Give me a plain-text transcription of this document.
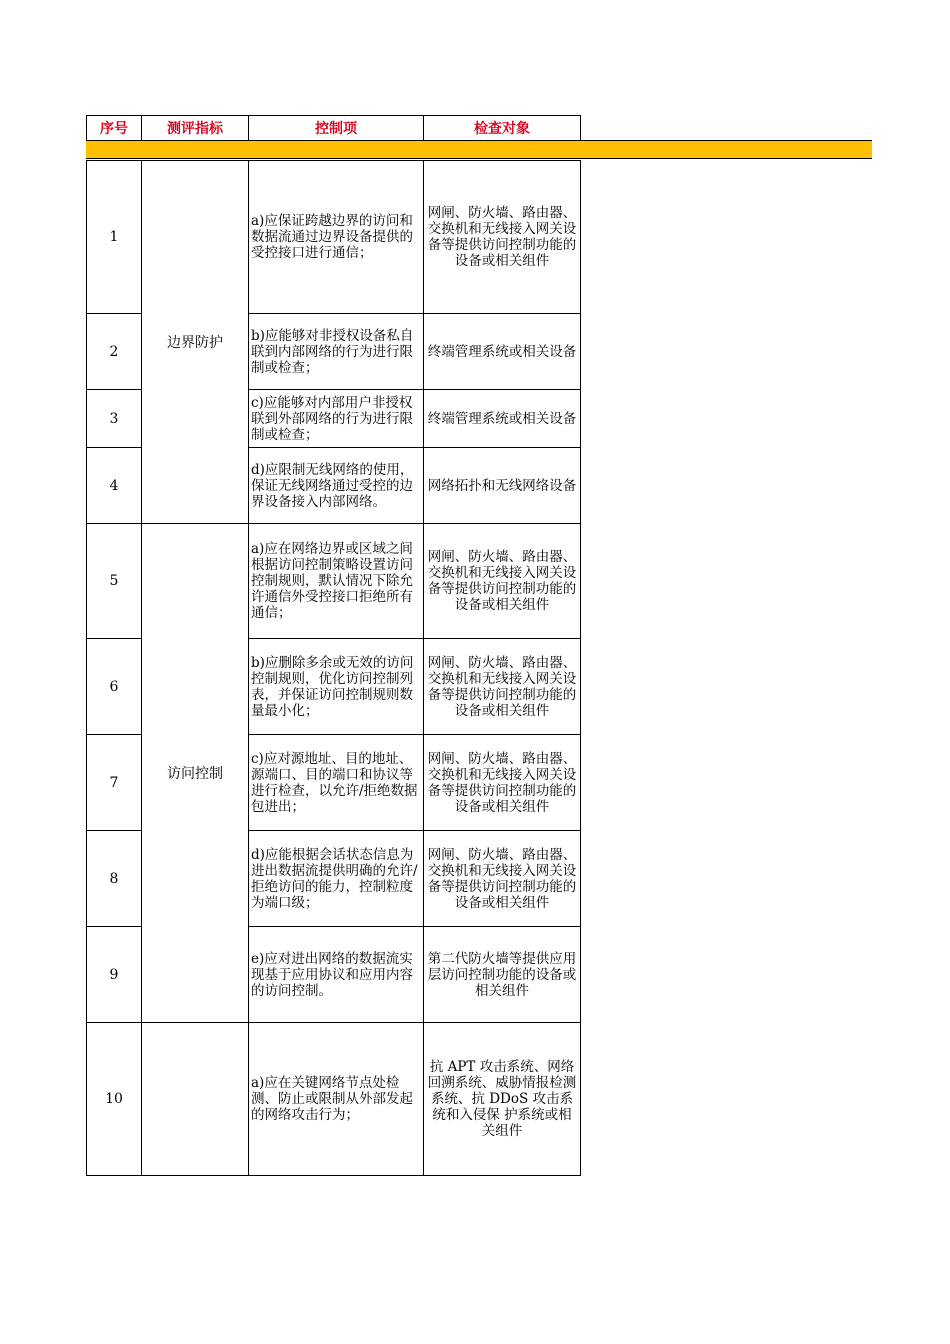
序号	测评指标	控制项	检查对象

1	边界防护	a)应保证跨越边界的访问和数据流通过边界设备提供的受控接口进行通信；	网闸、防火墙、路由器、交换机和无线接入网关设备等提供访问控制功能的设备或相关组件
2		b)应能够对非授权设备私自联到内部网络的行为进行限制或检查；	终端管理系统或相关设备
3		c)应能够对内部用户非授权联到外部网络的行为进行限制或检查；	终端管理系统或相关设备
4		d)应限制无线网络的使用，保证无线网络通过受控的边界设备接入内部网络。	网络拓扑和无线网络设备
5	访问控制	a)应在网络边界或区域之间根据访问控制策略设置访问控制规则，默认情况下除允许通信外受控接口拒绝所有通信；	网闸、防火墙、路由器、交换机和无线接入网关设备等提供访问控制功能的设备或相关组件
6		b)应删除多余或无效的访问控制规则，优化访问控制列表，并保证访问控制规则数量最小化；	网闸、防火墙、路由器、交换机和无线接入网关设备等提供访问控制功能的设备或相关组件
7		c)应对源地址、目的地址、源端口、目的端口和协议等进行检查，以允许/拒绝数据包进出；	网闸、防火墙、路由器、交换机和无线接入网关设备等提供访问控制功能的设备或相关组件
8		d)应能根据会话状态信息为进出数据流提供明确的允许/拒绝访问的能力，控制粒度为端口级；	网闸、防火墙、路由器、交换机和无线接入网关设备等提供访问控制功能的设备或相关组件
9		e)应对进出网络的数据流实现基于应用协议和应用内容的访问控制。	第二代防火墙等提供应用层访问控制功能的设备或相关组件
10		a)应在关键网络节点处检测、防止或限制从外部发起的网络攻击行为；	抗 APT 攻击系统、网络回溯系统、威胁情报检测系统、抗 DDoS 攻击系统和入侵保 护系统或相关组件
